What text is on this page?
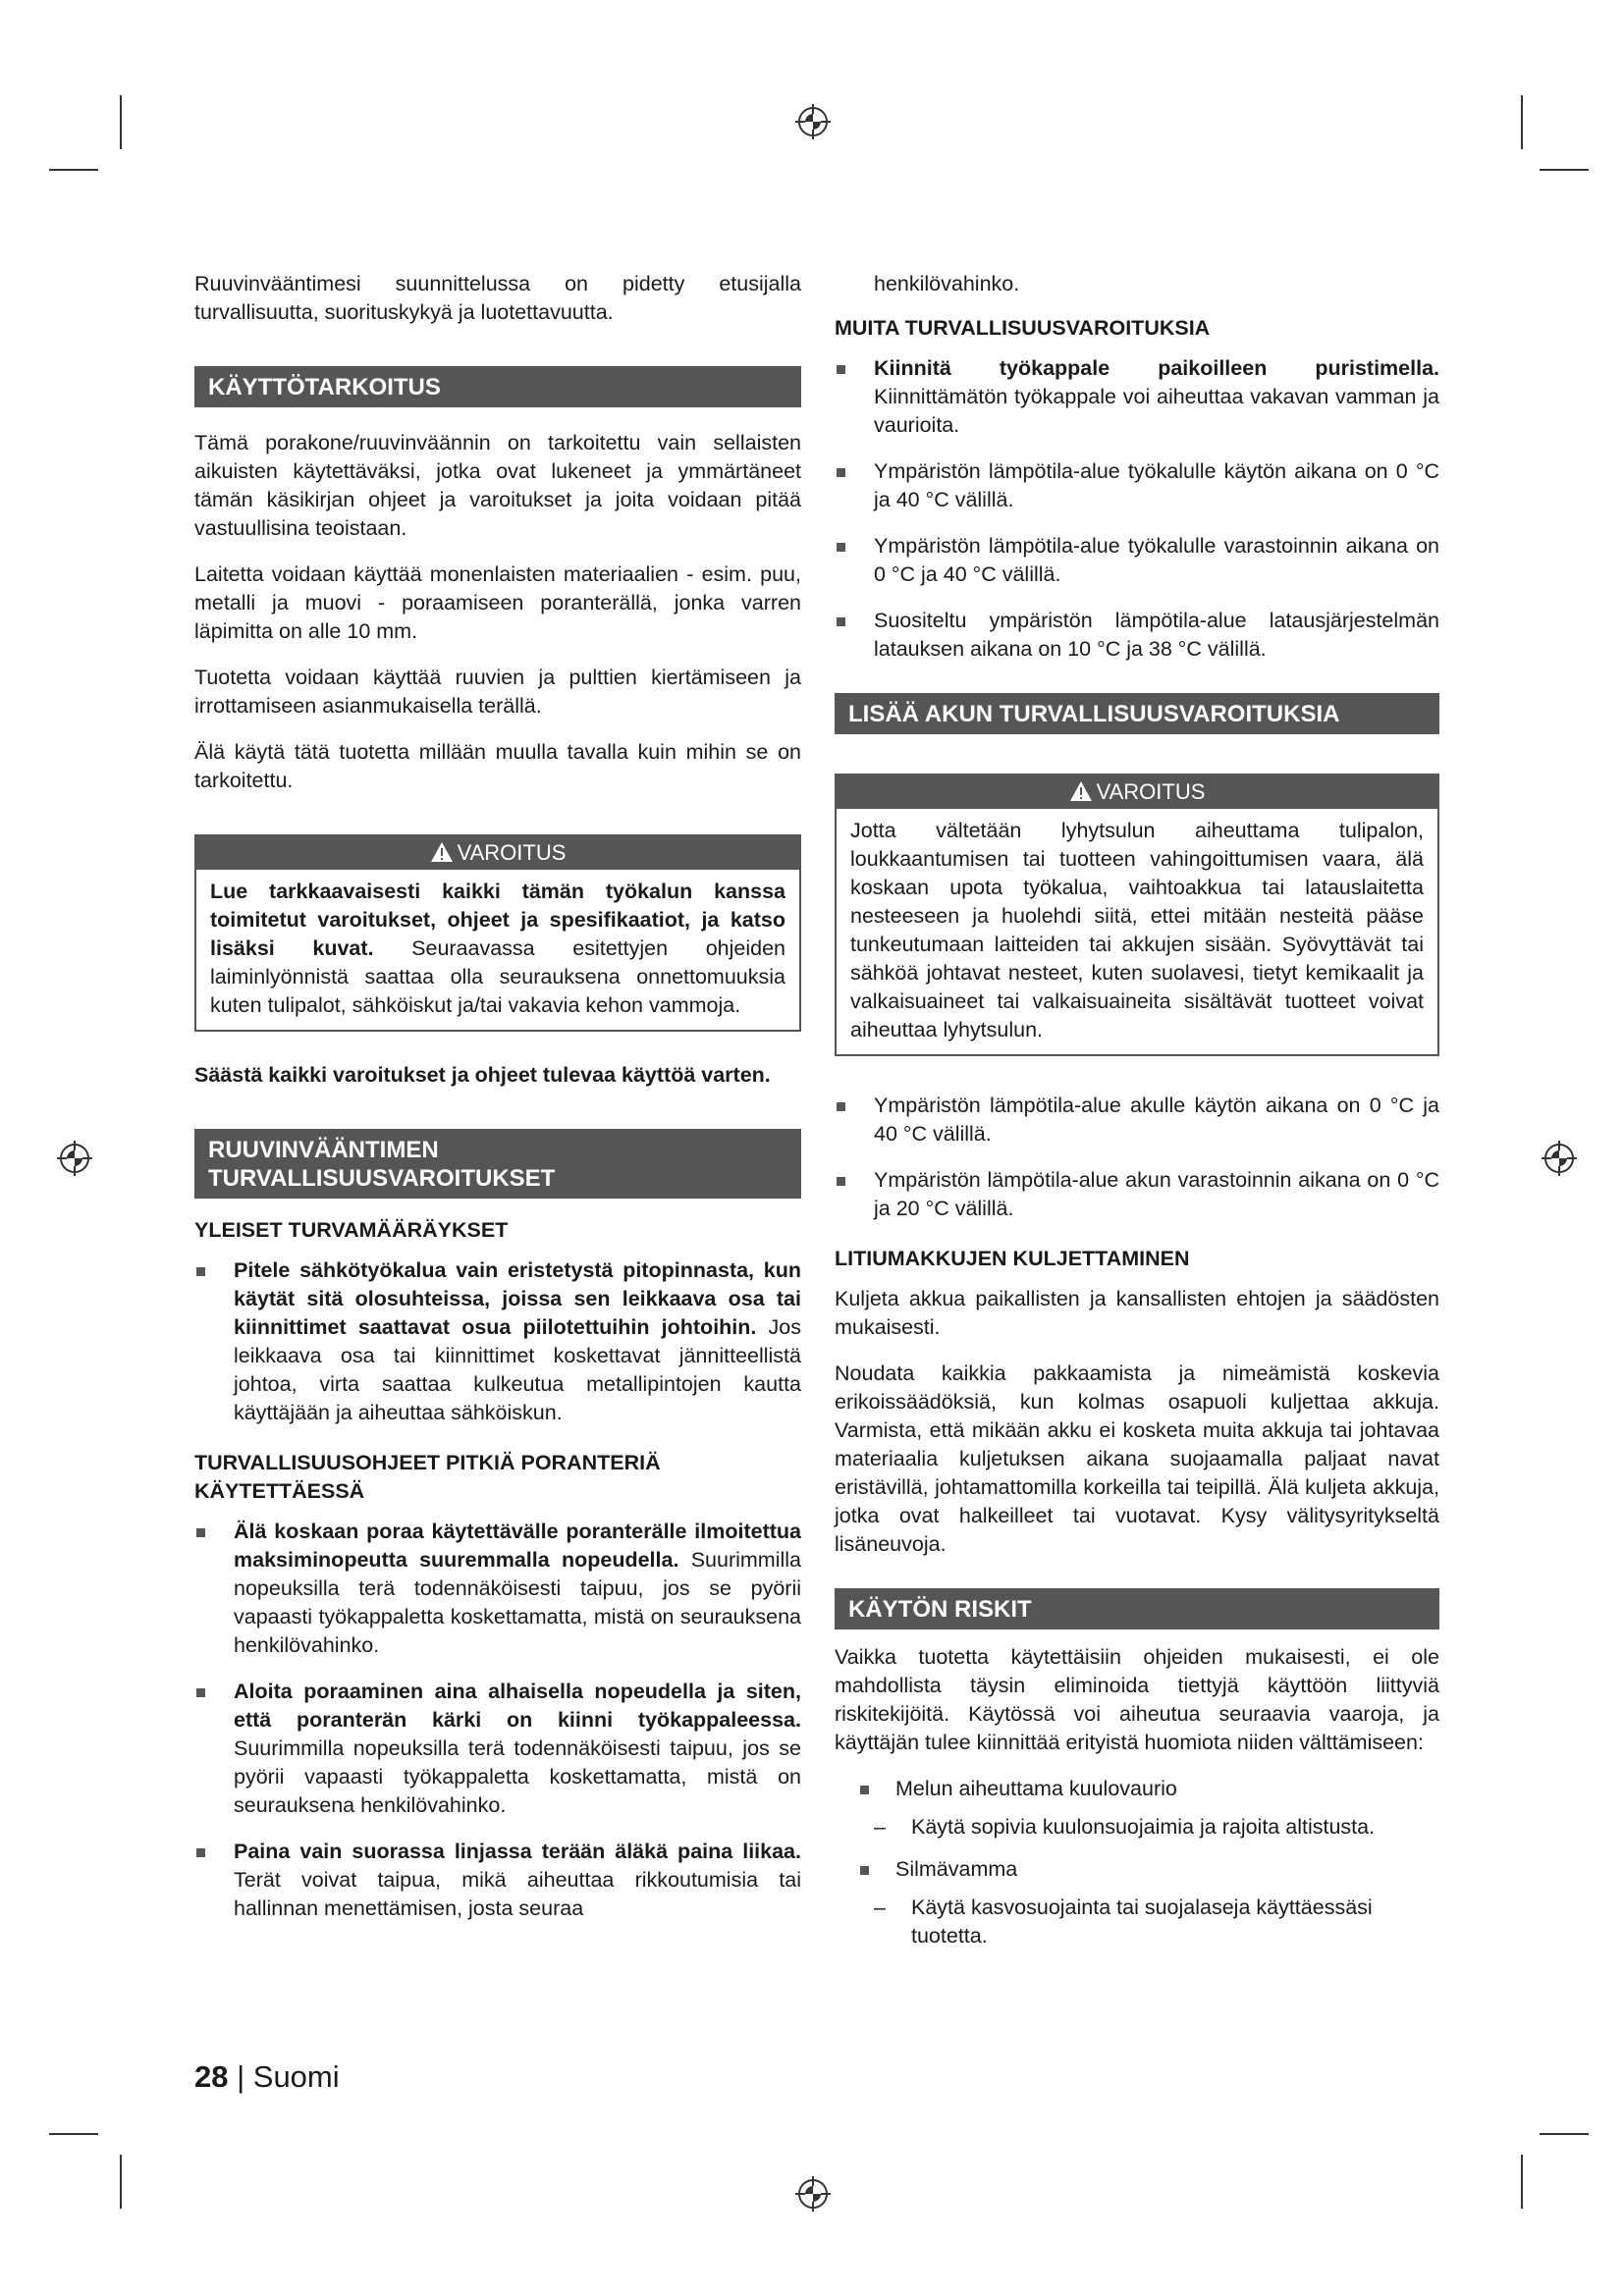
Ruuvinvääntimesi suunnittelussa on pidetty etusijalla turvallisuutta, suorituskykyä ja luotettavuutta.

KÄYTTÖTARKOITUS

Tämä porakone/ruuvinväännin on tarkoitettu vain sellaisten aikuisten käytettäväksi, jotka ovat lukeneet ja ymmärtäneet tämän käsikirjan ohjeet ja varoitukset ja joita voidaan pitää vastuullisina teoistaan.

Laitetta voidaan käyttää monenlaisten materiaalien - esim. puu, metalli ja muovi - poraamiseen poranterällä, jonka varren läpimitta on alle 10 mm.

Tuotetta voidaan käyttää ruuvien ja pulttien kiertämiseen ja irrottamiseen asianmukaisella terällä.

Älä käytä tätä tuotetta millään muulla tavalla kuin mihin se on tarkoitettu.

VAROITUS
Lue tarkkaavaisesti kaikki tämän työkalun kanssa toimitetut varoitukset, ohjeet ja spesifikaatiot, ja katso lisäksi kuvat. Seuraavassa esitettyjen ohjeiden laiminlyönnistä saattaa olla seurauksena onnettomuuksia kuten tulipalot, sähköiskut ja/tai vakavia kehon vammoja.

Säästä kaikki varoitukset ja ohjeet tulevaa käyttöä varten.

RUUVINVÄÄNTIMEN
TURVALLISUUSVAROITUKSET
YLEISET TURVAMÄÄRÄYKSET
Pitele sähkötyökalua vain eristetystä pitopinnasta, kun käytät sitä olosuhteissa, joissa sen leikkaava osa tai kiinnittimet saattavat osua piilotettuihin johtoihin. Jos leikkaava osa tai kiinnittimet koskettavat jännitteellistä johtoa, virta saattaa kulkeutua metallipintojen kautta käyttäjään ja aiheuttaa sähköiskun.
TURVALLISUUSOHJEET PITKIÄ PORANTERIÄ KÄYTETTÄESSÄ
Älä koskaan poraa käytettävälle poranterälle ilmoitettua maksiminopeutta suuremmalla nopeudella. Suurimmilla nopeuksilla terä todennäköisesti taipuu, jos se pyörii vapaasti työkappaletta koskettamatta, mistä on seurauksena henkilövahinko.
Aloita poraaminen aina alhaisella nopeudella ja siten, että poranterän kärki on kiinni työkappaleessa. Suurimmilla nopeuksilla terä todennäköisesti taipuu, jos se pyörii vapaasti työkappaletta koskettamatta, mistä on seurauksena henkilövahinko.
Paina vain suorassa linjassa terään äläkä paina liikaa. Terät voivat taipua, mikä aiheuttaa rikkoutumisia tai hallinnan menettämisen, josta seuraa

henkilövahinko.

MUITA TURVALLISUUSVAROITUKSIA
Kiinnitä työkappale paikoilleen puristimella. Kiinnittämätön työkappale voi aiheuttaa vakavan vamman ja vaurioita.
Ympäristön lämpötila-alue työkalulle käytön aikana on 0 °C ja 40 °C välillä.
Ympäristön lämpötila-alue työkalulle varastoinnin aikana on 0 °C ja 40 °C välillä.
Suositeltu ympäristön lämpötila-alue latausjärjestelmän latauksen aikana on 10 °C ja 38 °C välillä.
LISÄÄ AKUN TURVALLISUUSVAROITUKSIA
VAROITUS
Jotta vältetään lyhytsulun aiheuttama tulipalon, loukkaantumisen tai tuotteen vahingoittumisen vaara, älä koskaan upota työkalua, vaihtoakkua tai latauslaitetta nesteeseen ja huolehdi siitä, ettei mitään nesteitä pääse tunkeutumaan laitteiden tai akkujen sisään. Syövyttävät tai sähköä johtavat nesteet, kuten suolavesi, tietyt kemikaalit ja valkaisuaineet tai valkaisuaineita sisältävät tuotteet voivat aiheuttaa lyhytsulun.
Ympäristön lämpötila-alue akulle käytön aikana on 0 °C ja 40 °C välillä.
Ympäristön lämpötila-alue akun varastoinnin aikana on 0 °C ja 20 °C välillä.
LITIUMAKKUJEN KULJETTAMINEN

Kuljeta akkua paikallisten ja kansallisten ehtojen ja säädösten mukaisesti.

Noudata kaikkia pakkaamista ja nimeämistä koskevia erikoissäädöksiä, kun kolmas osapuoli kuljettaa akkuja. Varmista, että mikään akku ei kosketa muita akkuja tai johtavaa materiaalia kuljetuksen aikana suojaamalla paljaat navat eristävillä, johtamattomilla korkeilla tai teipillä. Älä kuljeta akkuja, jotka ovat halkeilleet tai vuotavat. Kysy välitysyritykseltä lisäneuvoja.

KÄYTÖN RISKIT

Vaikka tuotetta käytettäisiin ohjeiden mukaisesti, ei ole mahdollista täysin eliminoida tiettyjä käyttöön liittyviä riskitekijöitä. Käytössä voi aiheutua seuraavia vaaroja, ja käyttäjän tulee kiinnittää erityistä huomiota niiden välttämiseen:

Melun aiheuttama kuulovaurio
– Käytä sopivia kuulonsuojaimia ja rajoita altistusta.
Silmävamma
– Käytä kasvosuojainta tai suojalaseja käyttäessäsi tuotetta.
28 | Suomi
